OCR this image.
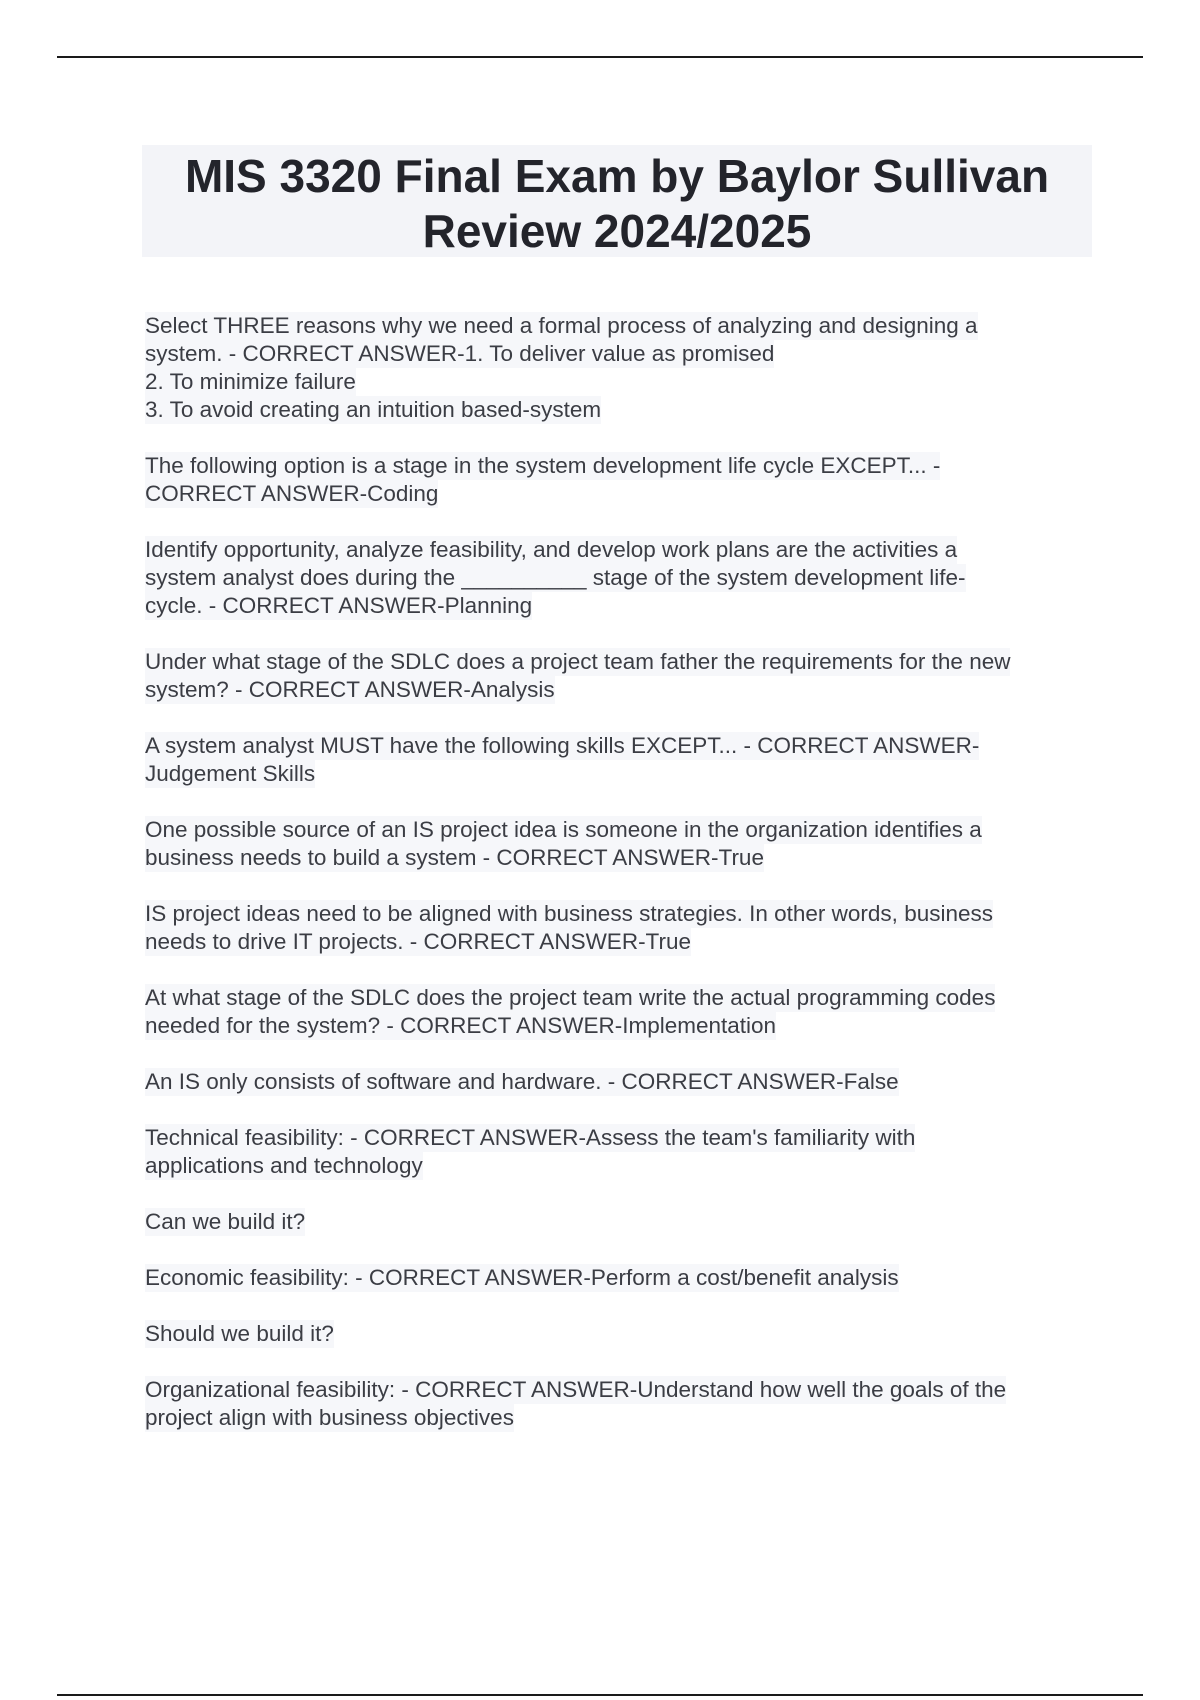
MIS 3320 Final Exam by Baylor Sullivan
Review 2024/2025
Select THREE reasons why we need a formal process of analyzing and designing a
system. - CORRECT ANSWER-1. To deliver value as promised
2. To minimize failure
3. To avoid creating an intuition based-system
The following option is a stage in the system development life cycle EXCEPT... -
CORRECT ANSWER-Coding
Identify opportunity, analyze feasibility, and develop work plans are the activities a
system analyst does during the __________ stage of the system development life-
cycle. - CORRECT ANSWER-Planning
Under what stage of the SDLC does a project team father the requirements for the new
system? - CORRECT ANSWER-Analysis
A system analyst MUST have the following skills EXCEPT... - CORRECT ANSWER-
Judgement Skills
One possible source of an IS project idea is someone in the organization identifies a
business needs to build a system - CORRECT ANSWER-True
IS project ideas need to be aligned with business strategies. In other words, business
needs to drive IT projects. - CORRECT ANSWER-True
At what stage of the SDLC does the project team write the actual programming codes
needed for the system? - CORRECT ANSWER-Implementation
An IS only consists of software and hardware. - CORRECT ANSWER-False
Technical feasibility: - CORRECT ANSWER-Assess the team's familiarity with
applications and technology
Can we build it?
Economic feasibility: - CORRECT ANSWER-Perform a cost/benefit analysis
Should we build it?
Organizational feasibility: - CORRECT ANSWER-Understand how well the goals of the
project align with business objectives
